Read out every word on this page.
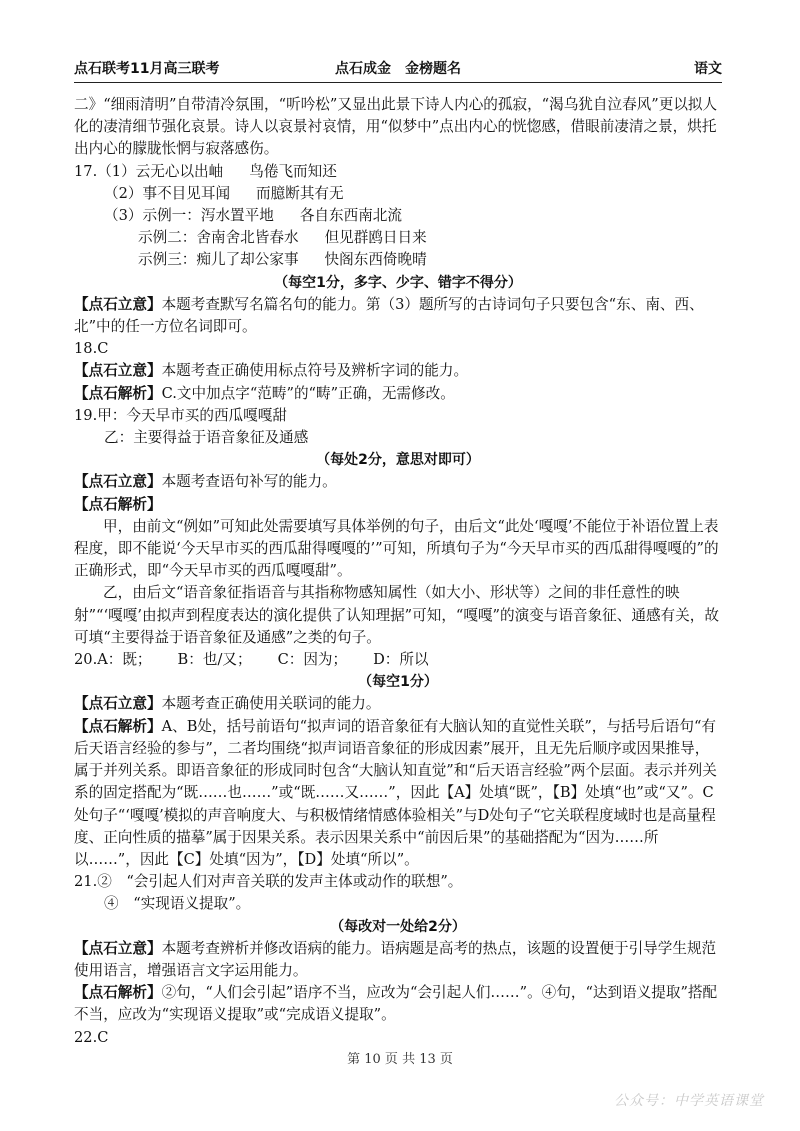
点石联考11月高三联考	点石成金　金榜题名	语文

二》“细雨清明”自带清冷氛围，“听吟松”又显出此景下诗人内心的孤寂，“渴乌犹自泣春风”更以拟人化的凄清细节强化哀景。诗人以哀景衬哀情，用“似梦中”点出内心的恍惚感，借眼前凄清之景，烘托出内心的朦胧怅惘与寂落感伤。

17.（1）云无心以出岫 鸟倦飞而知还

（2）事不目见耳闻 而臆断其有无

（3）示例一：泻水置平地 各自东西南北流

示例二：舍南舍北皆春水 但见群鸥日日来

示例三：痴儿了却公家事 快阁东西倚晚晴

（每空1分，多字、少字、错字不得分）

【点石立意】本题考查默写名篇名句的能力。第（3）题所写的古诗词句子只要包含“东、南、西、北”中的任一方位名词即可。

18.C

【点石立意】本题考查正确使用标点符号及辨析字词的能力。

【点石解析】C.文中加点字“范畴”的“畴”正确，无需修改。

19.甲：今天早市买的西瓜嘎嘎甜

乙：主要得益于语音象征及通感

（每处2分，意思对即可）

【点石立意】本题考查语句补写的能力。

【点石解析】

甲，由前文“例如”可知此处需要填写具体举例的句子，由后文“此处‘嘎嘎’不能位于补语位置上表程度，即不能说‘今天早市买的西瓜甜得嘎嘎的’”可知，所填句子为“今天早市买的西瓜甜得嘎嘎的”的正确形式，即“今天早市买的西瓜嘎嘎甜”。

乙，由后文“语音象征指语音与其指称物感知属性（如大小、形状等）之间的非任意性的映射”“‘嘎嘎’由拟声到程度表达的演化提供了认知理据”可知，“嘎嘎”的演变与语音象征、通感有关，故可填“主要得益于语音象征及通感”之类的句子。

20.A：既； B：也/又； C：因为； D：所以

（每空1分）

【点石立意】本题考查正确使用关联词的能力。

【点石解析】A、B处，括号前语句“拟声词的语音象征有大脑认知的直觉性关联”，与括号后语句“有后天语言经验的参与”，二者均围绕“拟声词语音象征的形成因素”展开，且无先后顺序或因果推导，属于并列关系。即语音象征的形成同时包含“大脑认知直觉”和“后天语言经验”两个层面。表示并列关系的固定搭配为“既……也……”或“既……又……”，因此【A】处填“既”，【B】处填“也”或“又”。C处句子“‘嘎嘎’模拟的声音响度大、与积极情绪情感体验相关”与D处句子“它关联程度域时也是高量程度、正向性质的描摹”属于因果关系。表示因果关系中“前因后果”的基础搭配为“因为……所以……”，因此【C】处填“因为”，【D】处填“所以”。

21.②　“会引起人们对声音关联的发声主体或动作的联想”。

④　“实现语义提取”。

（每改对一处给2分）

【点石立意】本题考查辨析并修改语病的能力。语病题是高考的热点，该题的设置便于引导学生规范使用语言，增强语言文字运用能力。

【点石解析】②句，“人们会引起”语序不当，应改为“会引起人们……”。④句，“达到语义提取”搭配不当，应改为“实现语义提取”或“完成语义提取”。

22.C

第 10 页 共 13 页
公众号：中学英语课堂
